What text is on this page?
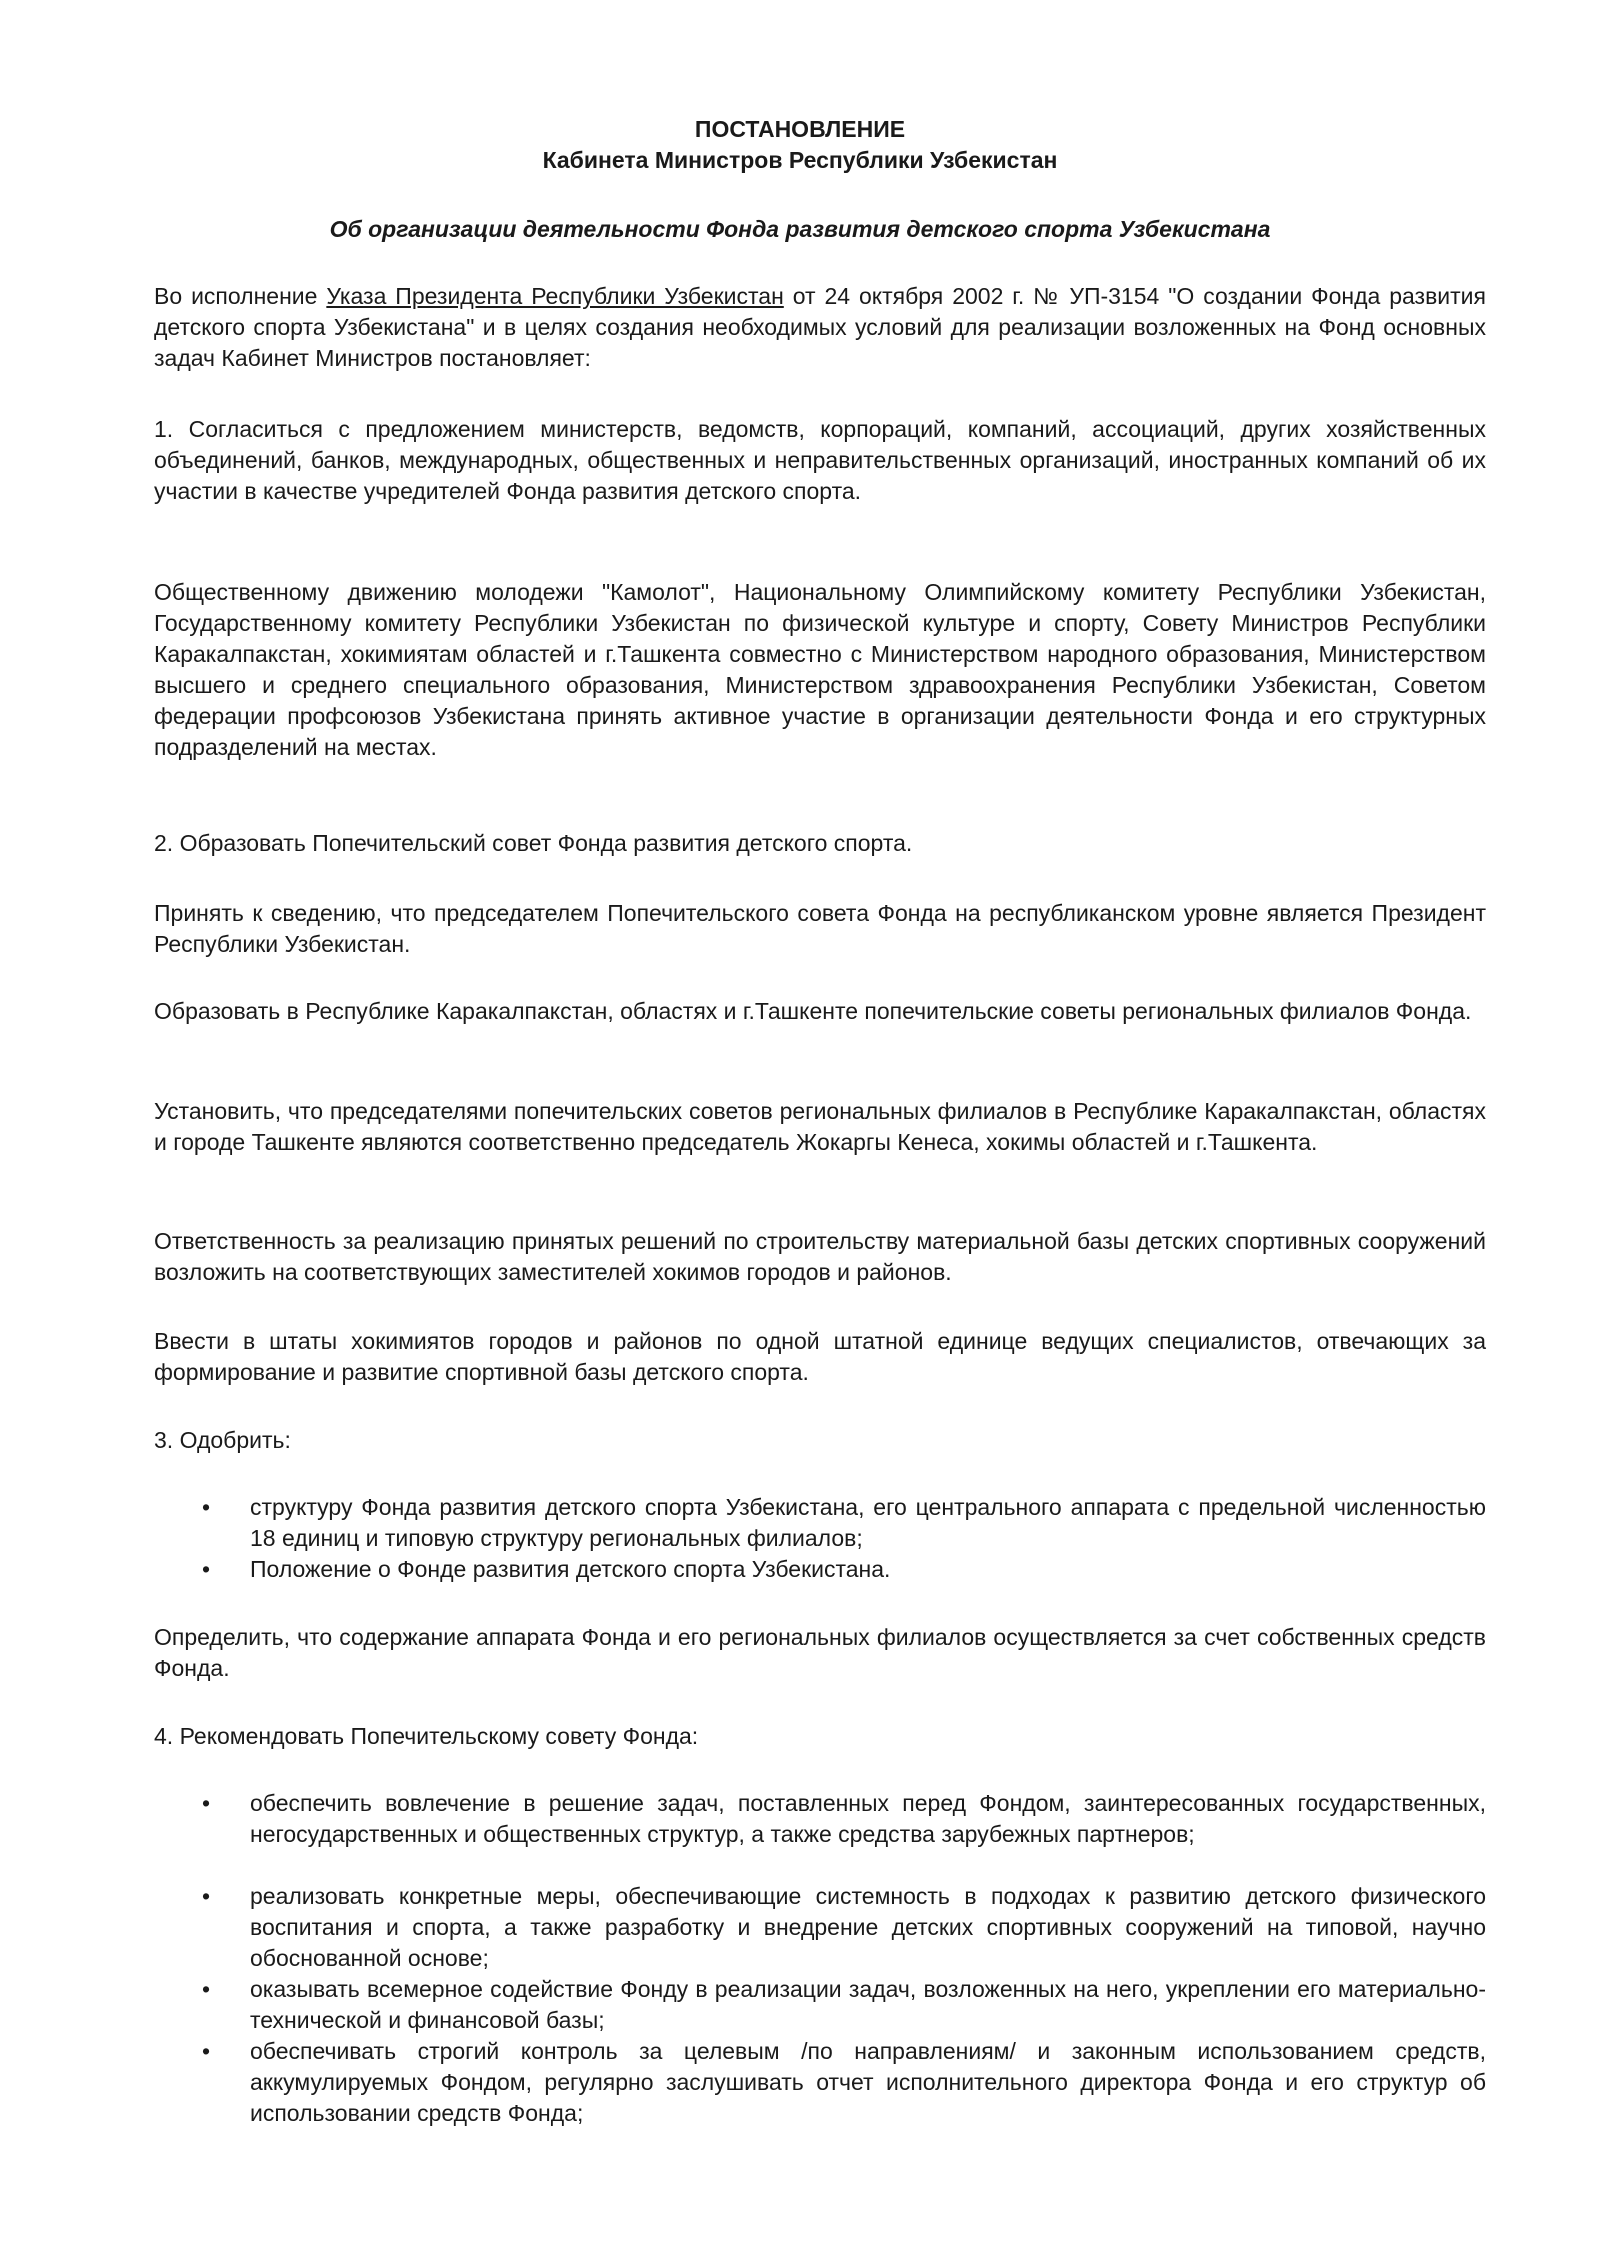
ПОСТАНОВЛЕНИЕ
Кабинета Министров Республики Узбекистан
Об организации деятельности Фонда развития детского спорта Узбекистана
Во исполнение Указа Президента Республики Узбекистан от 24 октября 2002 г. № УП-3154 "О создании Фонда развития детского спорта Узбекистана" и в целях создания необходимых условий для реализации возложенных на Фонд основных задач Кабинет Министров постановляет:
1. Согласиться с предложением министерств, ведомств, корпораций, компаний, ассоциаций, других хозяйственных объединений, банков, международных, общественных и неправительственных организаций, иностранных компаний об их участии в качестве учредителей Фонда развития детского спорта.
Общественному движению молодежи "Камолот", Национальному Олимпийскому комитету Республики Узбекистан, Государственному комитету Республики Узбекистан по физической культуре и спорту, Совету Министров Республики Каракалпакстан, хокимиятам областей и г.Ташкента совместно с Министерством народного образования, Министерством высшего и среднего специального образования, Министерством здравоохранения Республики Узбекистан, Советом федерации профсоюзов Узбекистана принять активное участие в организации деятельности Фонда и его структурных подразделений на местах.
2. Образовать Попечительский совет Фонда развития детского спорта.
Принять к сведению, что председателем Попечительского совета Фонда на республиканском уровне является Президент Республики Узбекистан.
Образовать в Республике Каракалпакстан, областях и г.Ташкенте попечительские советы региональных филиалов Фонда.
Установить, что председателями попечительских советов региональных филиалов в Республике Каракалпакстан, областях и городе Ташкенте являются соответственно председатель Жокаргы Кенеса, хокимы областей и г.Ташкента.
Ответственность за реализацию принятых решений по строительству материальной базы детских спортивных сооружений возложить на соответствующих заместителей хокимов городов и районов.
Ввести в штаты хокимиятов городов и районов по одной штатной единице ведущих специалистов, отвечающих за формирование и развитие спортивной базы детского спорта.
3. Одобрить:
•	структуру Фонда развития детского спорта Узбекистана, его центрального аппарата с предельной численностью 18 единиц и типовую структуру региональных филиалов;
•	Положение о Фонде развития детского спорта Узбекистана.
Определить, что содержание аппарата Фонда и его региональных филиалов осуществляется за счет собственных средств Фонда.
4. Рекомендовать Попечительскому совету Фонда:
•	обеспечить вовлечение в решение задач, поставленных перед Фондом, заинтересованных государственных, негосударственных и общественных структур, а также средства зарубежных партнеров;
•	реализовать конкретные меры, обеспечивающие системность в подходах к развитию детского физического воспитания и спорта, а также разработку и внедрение детских спортивных сооружений на типовой, научно обоснованной основе;
•	оказывать всемерное содействие Фонду в реализации задач, возложенных на него, укреплении его материально-технической и финансовой базы;
•	обеспечивать строгий контроль за целевым /по направлениям/ и законным использованием средств, аккумулируемых Фондом, регулярно заслушивать отчет исполнительного директора Фонда и его структур об использовании средств Фонда;
